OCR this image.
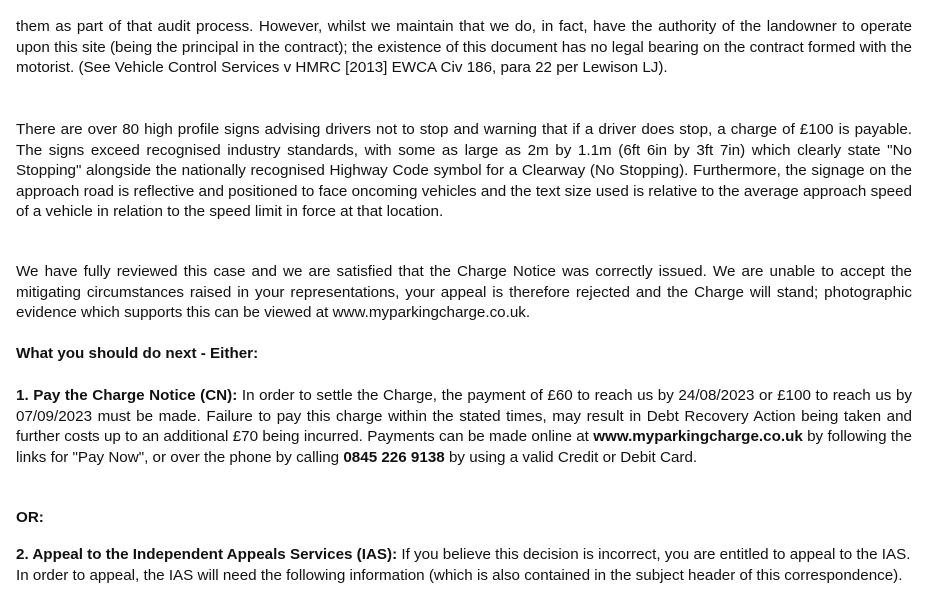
them as part of that audit process. However, whilst we maintain that we do, in fact, have the authority of the landowner to operate upon this site (being the principal in the contract); the existence of this document has no legal bearing on the contract formed with the motorist. (See Vehicle Control Services v HMRC [2013] EWCA Civ 186, para 22 per Lewison LJ).

There are over 80 high profile signs advising drivers not to stop and warning that if a driver does stop, a charge of £100 is payable. The signs exceed recognised industry standards, with some as large as 2m by 1.1m (6ft 6in by 3ft 7in) which clearly state "No Stopping" alongside the nationally recognised Highway Code symbol for a Clearway (No Stopping). Furthermore, the signage on the approach road is reflective and positioned to face oncoming vehicles and the text size used is relative to the average approach speed of a vehicle in relation to the speed limit in force at that location.

We have fully reviewed this case and we are satisfied that the Charge Notice was correctly issued. We are unable to accept the mitigating circumstances raised in your representations, your appeal is therefore rejected and the Charge will stand; photographic evidence which supports this can be viewed at www.myparkingcharge.co.uk.

What you should do next - Either:

1. Pay the Charge Notice (CN): In order to settle the Charge, the payment of £60 to reach us by 24/08/2023 or £100 to reach us by 07/09/2023 must be made. Failure to pay this charge within the stated times, may result in Debt Recovery Action being taken and further costs up to an additional £70 being incurred. Payments can be made online at www.myparkingcharge.co.uk by following the links for "Pay Now", or over the phone by calling 0845 226 9138 by using a valid Credit or Debit Card.

OR:

2. Appeal to the Independent Appeals Services (IAS): If you believe this decision is incorrect, you are entitled to appeal to the IAS. In order to appeal, the IAS will need the following information (which is also contained in the subject header of this correspondence).
